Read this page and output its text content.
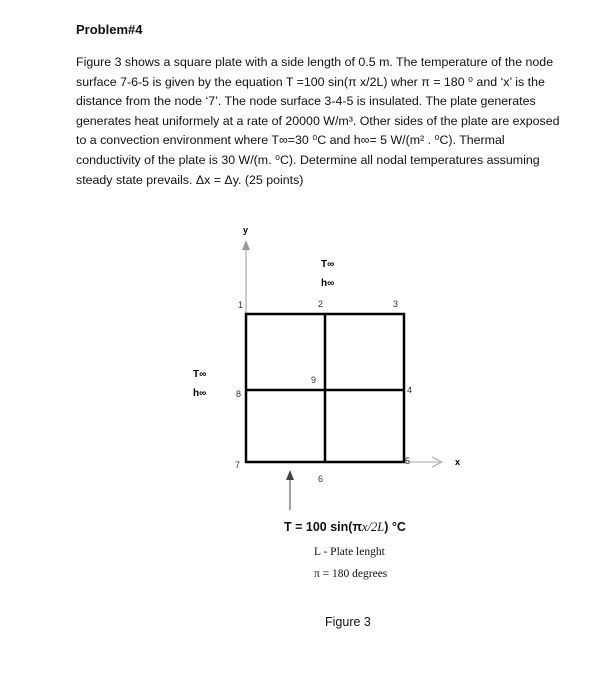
Problem#4
Figure 3 shows a square plate with a side length of 0.5 m. The temperature of the node
surface 7-6-5 is given by the equation T =100 sin(π x/2L) wher π = 180 ⁰ and ‘x’ is the
distance from the node ‘7’. The node surface 3-4-5 is insulated. The plate generates
generates heat uniformely at a rate of 20000 W/m³. Other sides of the plate are exposed
to a convection environment where T∞=30 ⁰C and h∞= 5 W/(m² . ⁰C). Thermal
conductivity of the plate is 30 W/(m. ⁰C). Determine all nodal temperatures assuming
steady state prevails. Δx = Δy. (25 points)
y
x
T∞
h∞
T∞
h∞
1	2	3
4
5
6
7
8
9
T = 100 sin(πx/2L) °C
L - Plate lenght
π = 180 degrees
Figure 3
